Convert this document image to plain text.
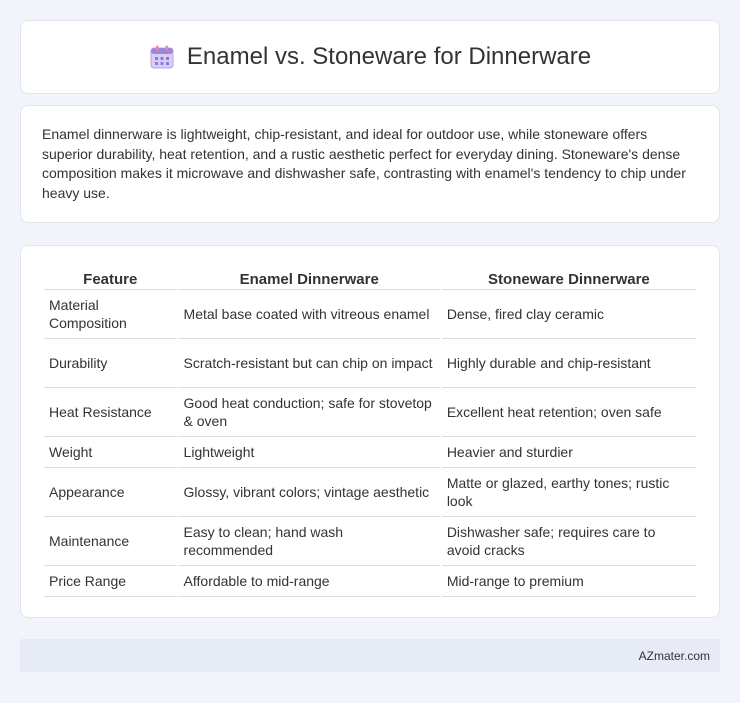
Enamel vs. Stoneware for Dinnerware

Enamel dinnerware is lightweight, chip-resistant, and ideal for outdoor use, while stoneware offers superior durability, heat retention, and a rustic aesthetic perfect for everyday dining. Stoneware's dense composition makes it microwave and dishwasher safe, contrasting with enamel's tendency to chip under heavy use.

Feature	Enamel Dinnerware	Stoneware Dinnerware
Material Composition	Metal base coated with vitreous enamel	Dense, fired clay ceramic
Durability	Scratch-resistant but can chip on impact	Highly durable and chip-resistant
Heat Resistance	Good heat conduction; safe for stovetop & oven	Excellent heat retention; oven safe
Weight	Lightweight	Heavier and sturdier
Appearance	Glossy, vibrant colors; vintage aesthetic	Matte or glazed, earthy tones; rustic look
Maintenance	Easy to clean; hand wash recommended	Dishwasher safe; requires care to avoid cracks
Price Range	Affordable to mid-range	Mid-range to premium
AZmater.com
